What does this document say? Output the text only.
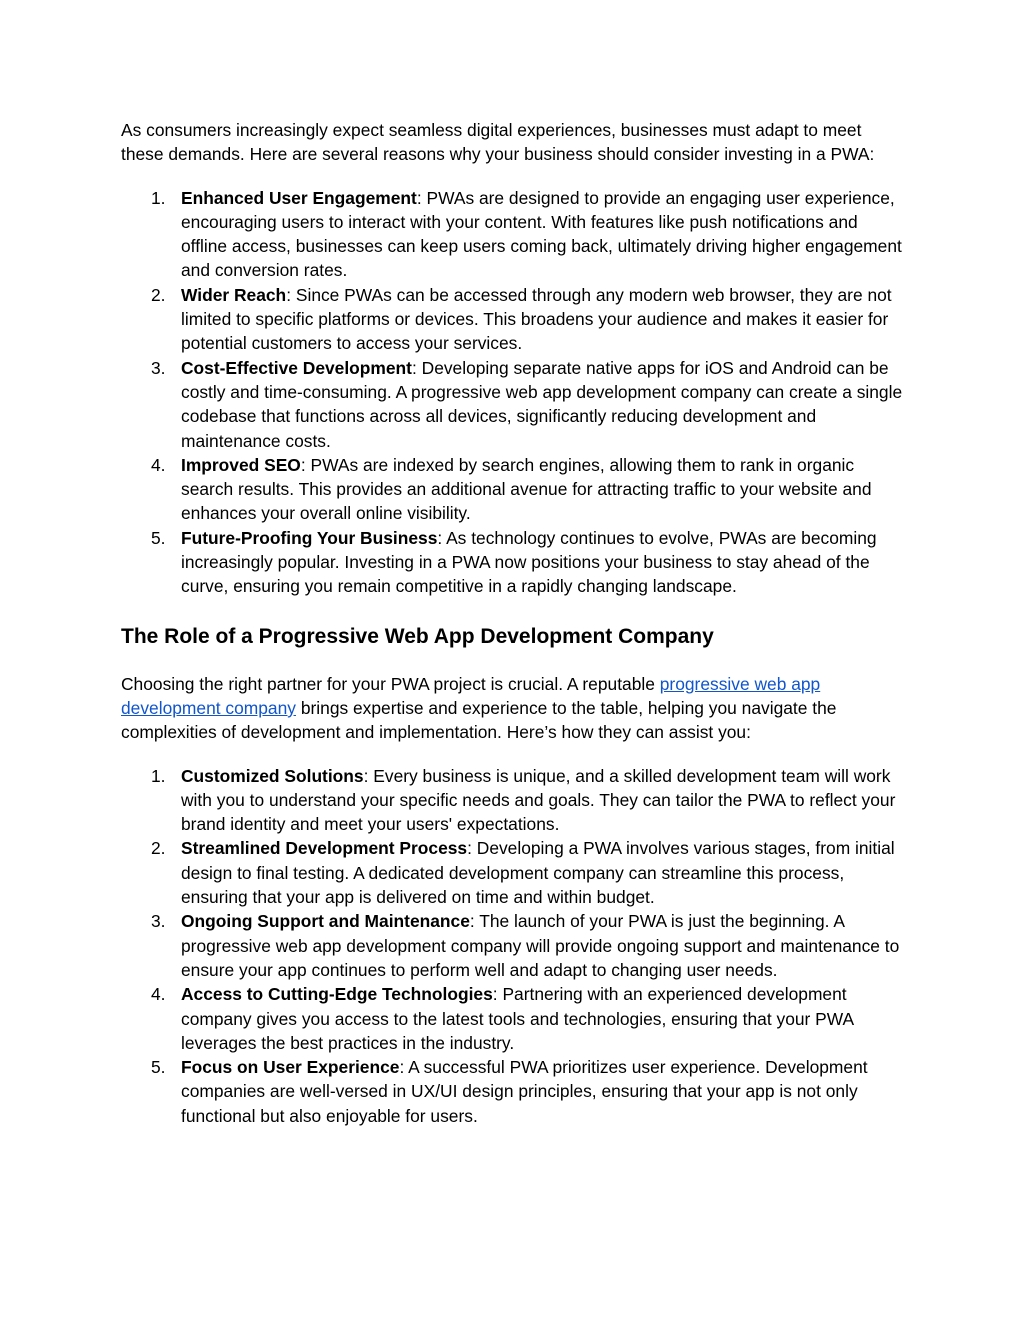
As consumers increasingly expect seamless digital experiences, businesses must adapt to meet these demands. Here are several reasons why your business should consider investing in a PWA:

1. Enhanced User Engagement: PWAs are designed to provide an engaging user experience, encouraging users to interact with your content. With features like push notifications and offline access, businesses can keep users coming back, ultimately driving higher engagement and conversion rates.
2. Wider Reach: Since PWAs can be accessed through any modern web browser, they are not limited to specific platforms or devices. This broadens your audience and makes it easier for potential customers to access your services.
3. Cost-Effective Development: Developing separate native apps for iOS and Android can be costly and time-consuming. A progressive web app development company can create a single codebase that functions across all devices, significantly reducing development and maintenance costs.
4. Improved SEO: PWAs are indexed by search engines, allowing them to rank in organic search results. This provides an additional avenue for attracting traffic to your website and enhances your overall online visibility.
5. Future-Proofing Your Business: As technology continues to evolve, PWAs are becoming increasingly popular. Investing in a PWA now positions your business to stay ahead of the curve, ensuring you remain competitive in a rapidly changing landscape.
The Role of a Progressive Web App Development Company

Choosing the right partner for your PWA project is crucial. A reputable progressive web app development company brings expertise and experience to the table, helping you navigate the complexities of development and implementation. Here’s how they can assist you:

1. Customized Solutions: Every business is unique, and a skilled development team will work with you to understand your specific needs and goals. They can tailor the PWA to reflect your brand identity and meet your users' expectations.
2. Streamlined Development Process: Developing a PWA involves various stages, from initial design to final testing. A dedicated development company can streamline this process, ensuring that your app is delivered on time and within budget.
3. Ongoing Support and Maintenance: The launch of your PWA is just the beginning. A progressive web app development company will provide ongoing support and maintenance to ensure your app continues to perform well and adapt to changing user needs.
4. Access to Cutting-Edge Technologies: Partnering with an experienced development company gives you access to the latest tools and technologies, ensuring that your PWA leverages the best practices in the industry.
5. Focus on User Experience: A successful PWA prioritizes user experience. Development companies are well-versed in UX/UI design principles, ensuring that your app is not only functional but also enjoyable for users.
